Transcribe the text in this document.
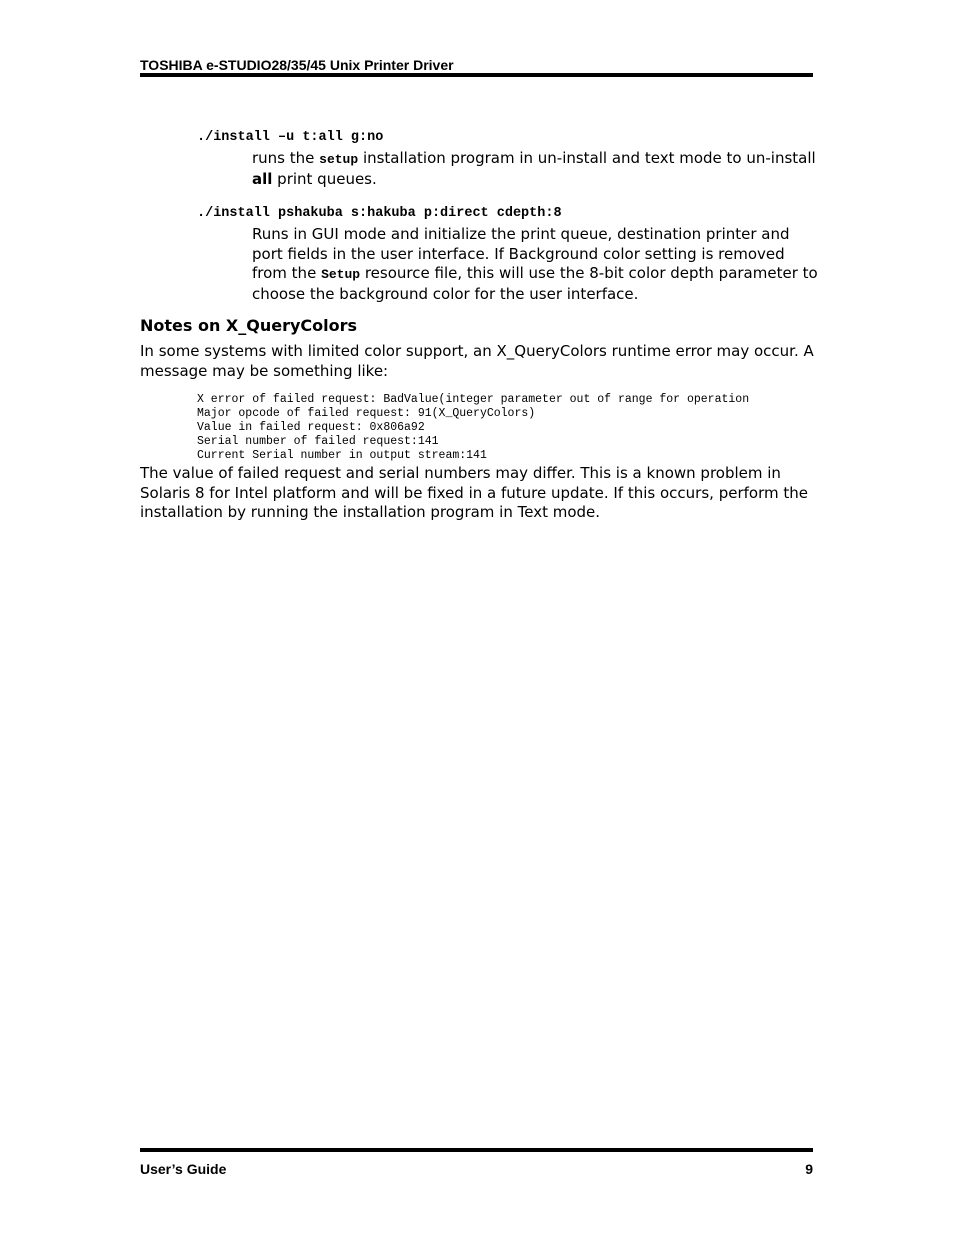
TOSHIBA e-STUDIO28/35/45 Unix Printer Driver
./install –u t:all g:no
runs the setup installation program in un-install and text mode to un-install all print queues.
./install pshakuba s:hakuba p:direct cdepth:8
Runs in GUI mode and initialize the print queue, destination printer and port fields in the user interface. If Background color setting is removed from the Setup resource file, this will use the 8-bit color depth parameter to choose the background color for the user interface.
Notes on X_QueryColors
In some systems with limited color support, an X_QueryColors runtime error may occur. A message may be something like:

X error of failed request: BadValue(integer parameter out of range for operation
Major opcode of failed request: 91(X_QueryColors)
Value in failed request: 0x806a92
Serial number of failed request:141
Current Serial number in output stream:141
The value of failed request and serial numbers may differ. This is a known problem in Solaris 8 for Intel platform and will be fixed in a future update. If this occurs, perform the installation by running the installation program in Text mode.
User’s Guide	9
